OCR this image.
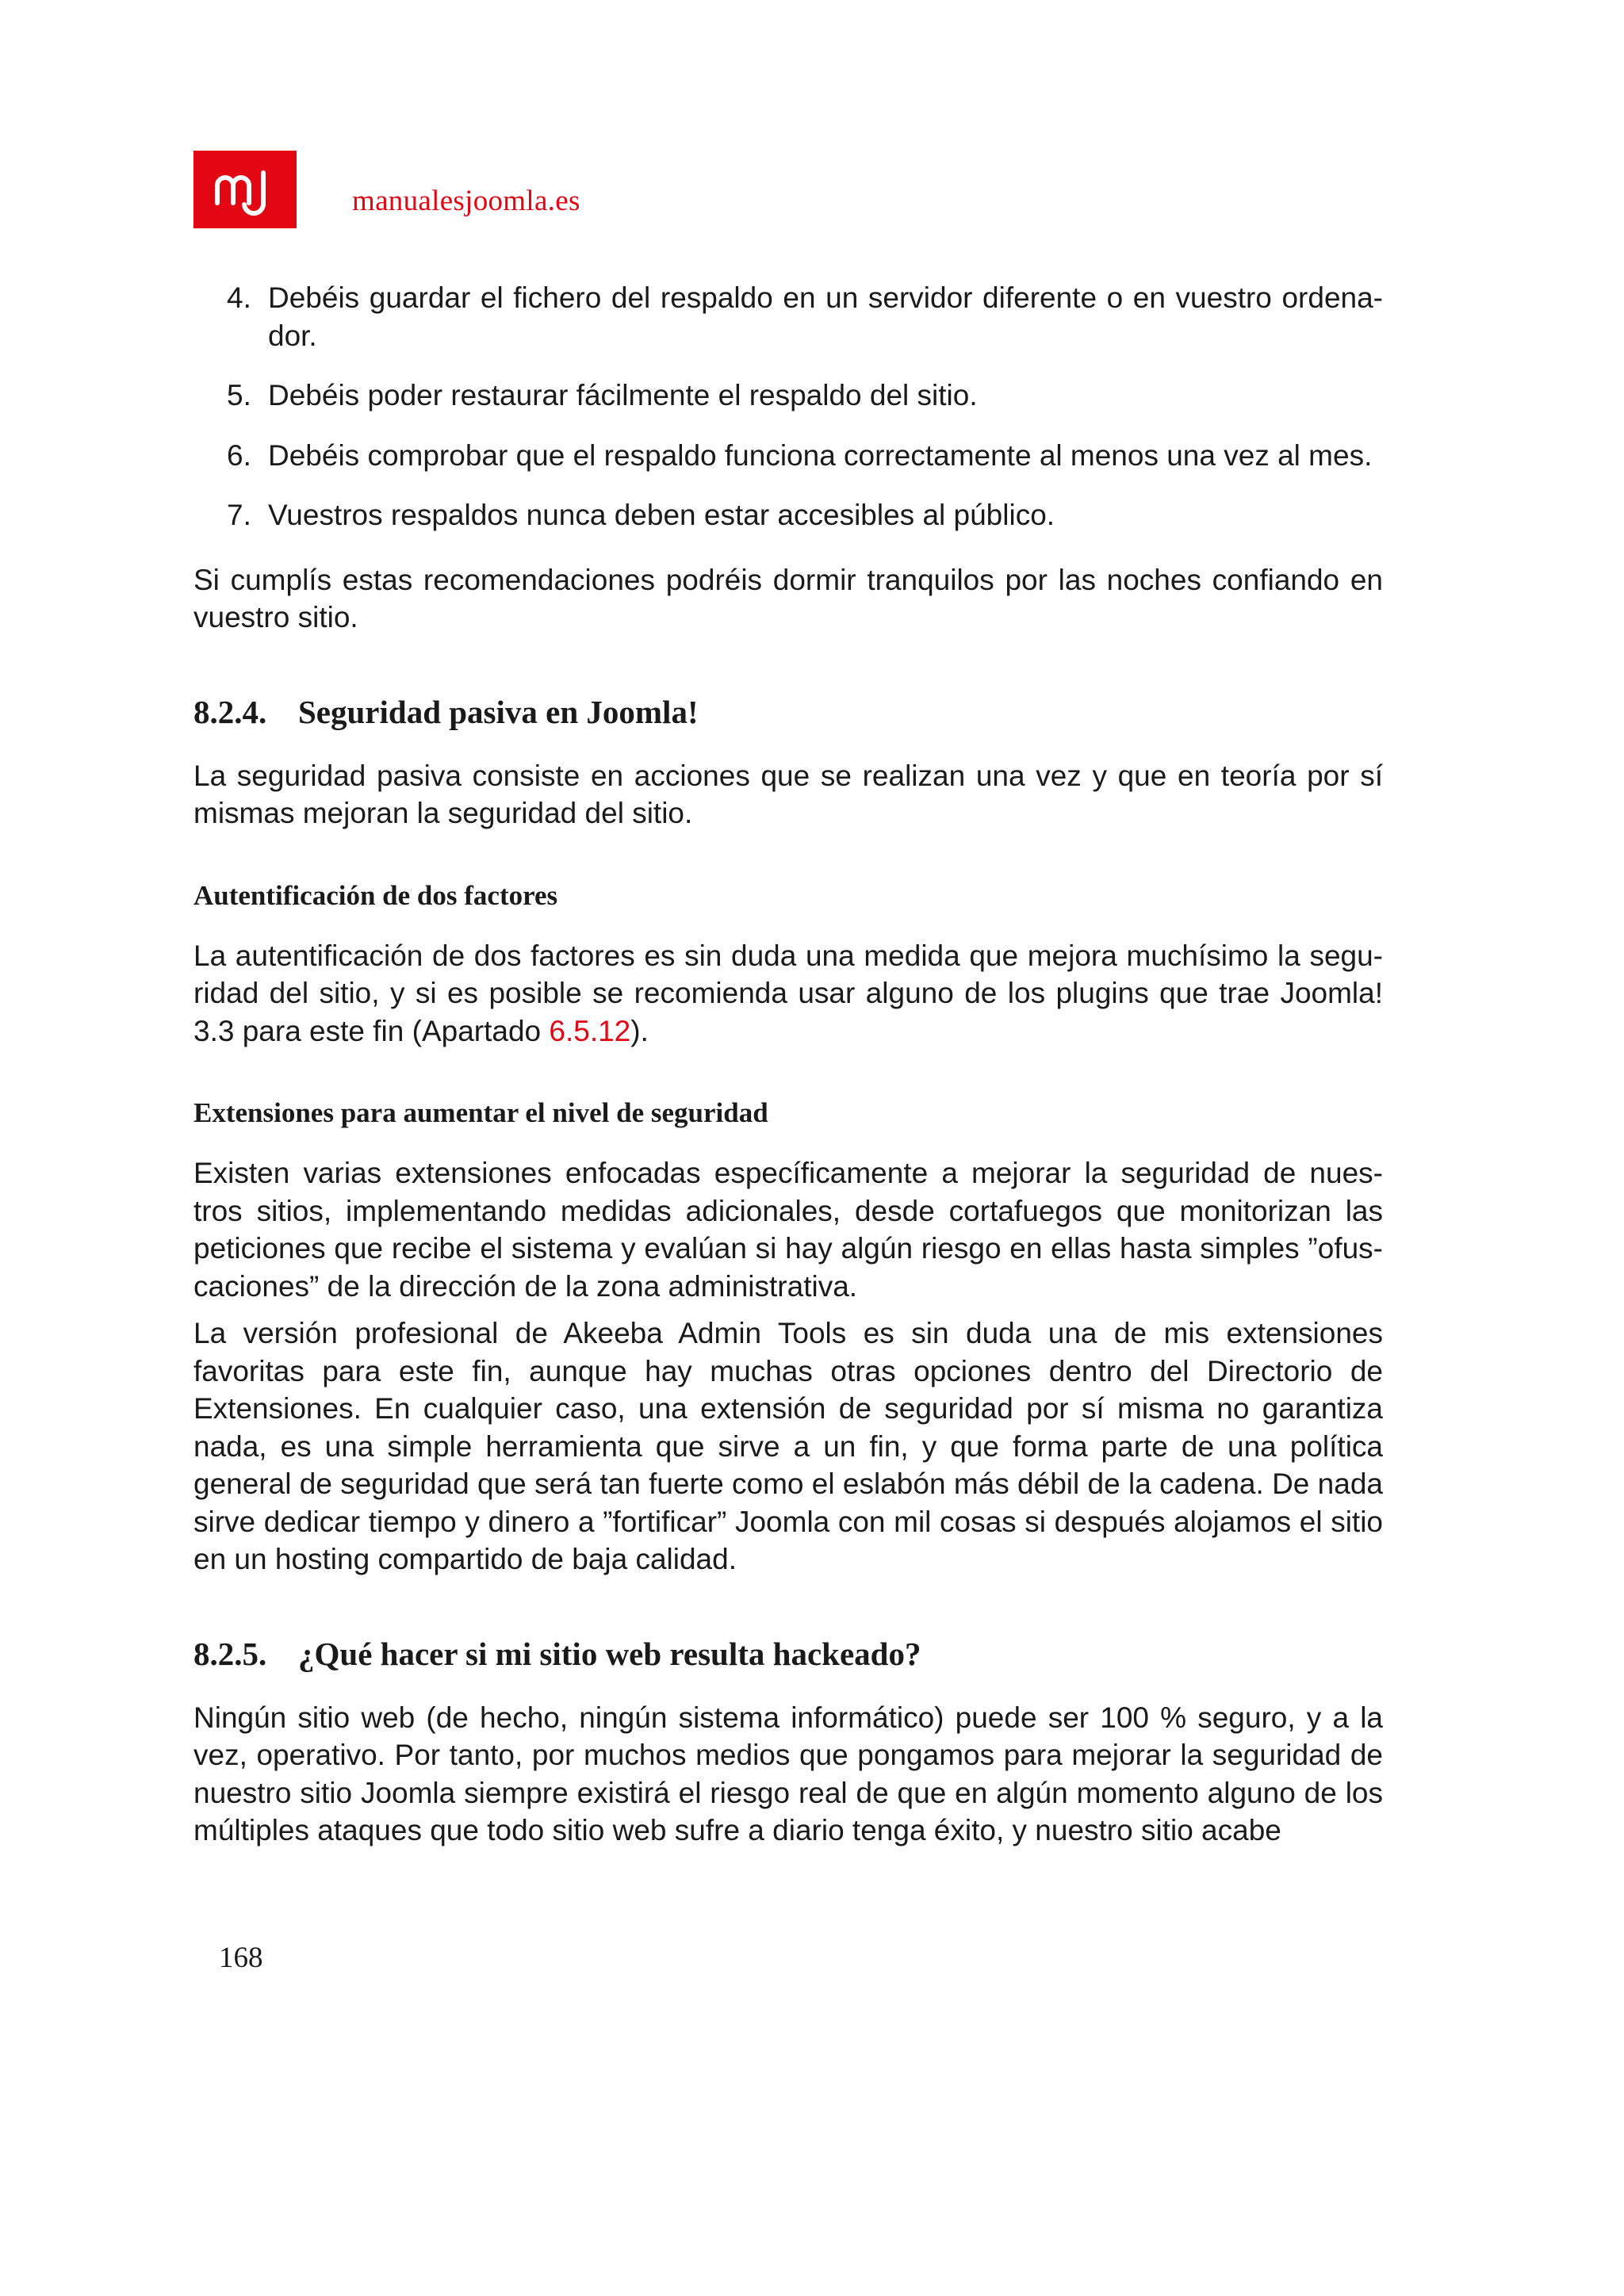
manualesjoomla.es
4. Debéis guardar el fichero del respaldo en un servidor diferente o en vuestro ordena- dor.
5. Debéis poder restaurar fácilmente el respaldo del sitio.
6. Debéis comprobar que el respaldo funciona correctamente al menos una vez al mes.
7. Vuestros respaldos nunca deben estar accesibles al público.

Si cumplís estas recomendaciones podréis dormir tranquilos por las noches confiando en vuestro sitio.

8.2.4. Seguridad pasiva en Joomla!

La seguridad pasiva consiste en acciones que se realizan una vez y que en teoría por sí mismas mejoran la seguridad del sitio.

Autentificación de dos factores

La autentificación de dos factores es sin duda una medida que mejora muchísimo la segu- ridad del sitio, y si es posible se recomienda usar alguno de los plugins que trae Joomla! 3.3 para este fin (Apartado 6.5.12).

Extensiones para aumentar el nivel de seguridad

Existen varias extensiones enfocadas específicamente a mejorar la seguridad de nues- tros sitios, implementando medidas adicionales, desde cortafuegos que monitorizan las peticiones que recibe el sistema y evalúan si hay algún riesgo en ellas hasta simples ”ofus- caciones” de la dirección de la zona administrativa.

La versión profesional de Akeeba Admin Tools es sin duda una de mis extensiones favoritas para este fin, aunque hay muchas otras opciones dentro del Directorio de Extensiones. En cualquier caso, una extensión de seguridad por sí misma no garantiza nada, es una simple herramienta que sirve a un fin, y que forma parte de una política general de seguridad que será tan fuerte como el eslabón más débil de la cadena. De nada sirve dedicar tiempo y dinero a ”fortificar” Joomla con mil cosas si después alojamos el sitio en un hosting compartido de baja calidad.

8.2.5. ¿Qué hacer si mi sitio web resulta hackeado?

Ningún sitio web (de hecho, ningún sistema informático) puede ser 100 % seguro, y a la vez, operativo. Por tanto, por muchos medios que pongamos para mejorar la seguridad de nuestro sitio Joomla siempre existirá el riesgo real de que en algún momento alguno de los múltiples ataques que todo sitio web sufre a diario tenga éxito, y nuestro sitio acabe

168
